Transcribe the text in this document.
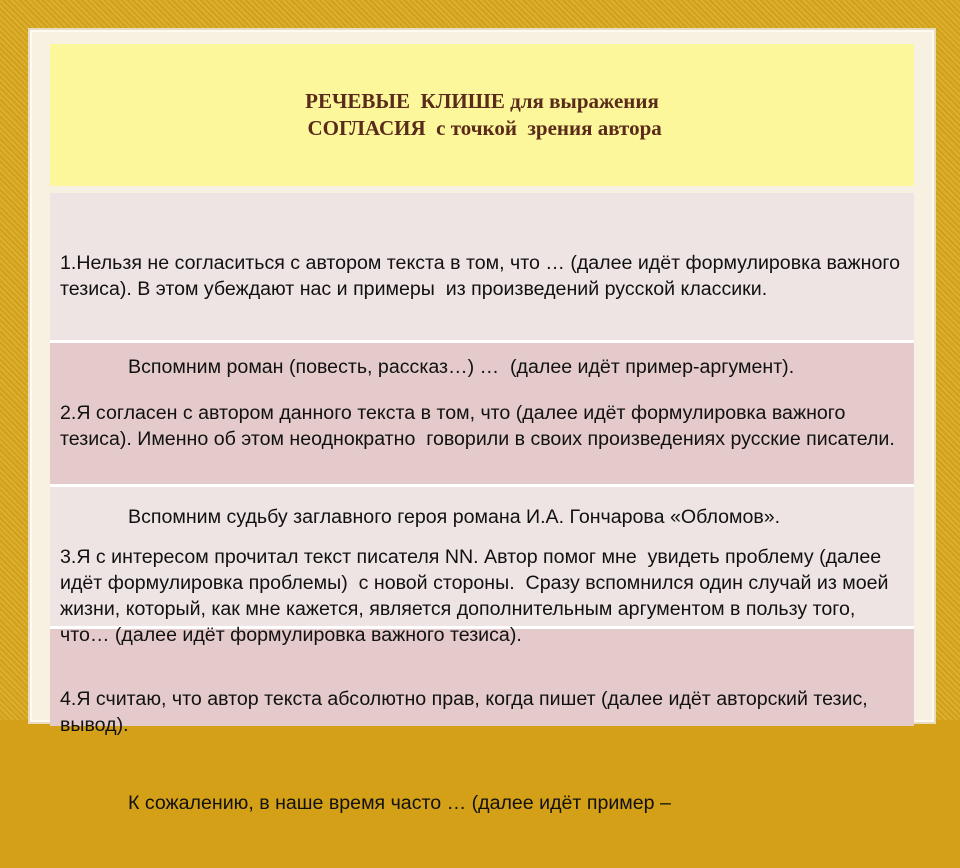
РЕЧЕВЫЕ  КЛИШЕ для выражения
СОГЛАСИЯ  с точкой  зрения автора

1.Нельзя не согласиться с автором текста в том, что … (далее идёт формулировка важного тезиса). В этом убеждают нас и примеры  из произведений русской классики.

Вспомним роман (повесть, рассказ…) …  (далее идёт пример-аргумент).

2.Я согласен с автором данного текста в том, что (далее идёт формулировка важного тезиса). Именно об этом неоднократно  говорили в своих произведениях русские писатели.

Вспомним судьбу заглавного героя романа И.А. Гончарова «Обломов».

3.Я с интересом прочитал текст писателя NN. Автор помог мне  увидеть проблему (далее идёт формулировка проблемы)  с новой стороны.  Сразу вспомнился один случай из моей жизни, который, как мне кажется, является дополнительным аргументом в пользу того, что… (далее идёт формулировка важного тезиса).

4.Я считаю, что автор текста абсолютно прав, когда пишет (далее идёт авторский тезис, вывод).

К сожалению, в наше время часто … (далее идёт пример –
